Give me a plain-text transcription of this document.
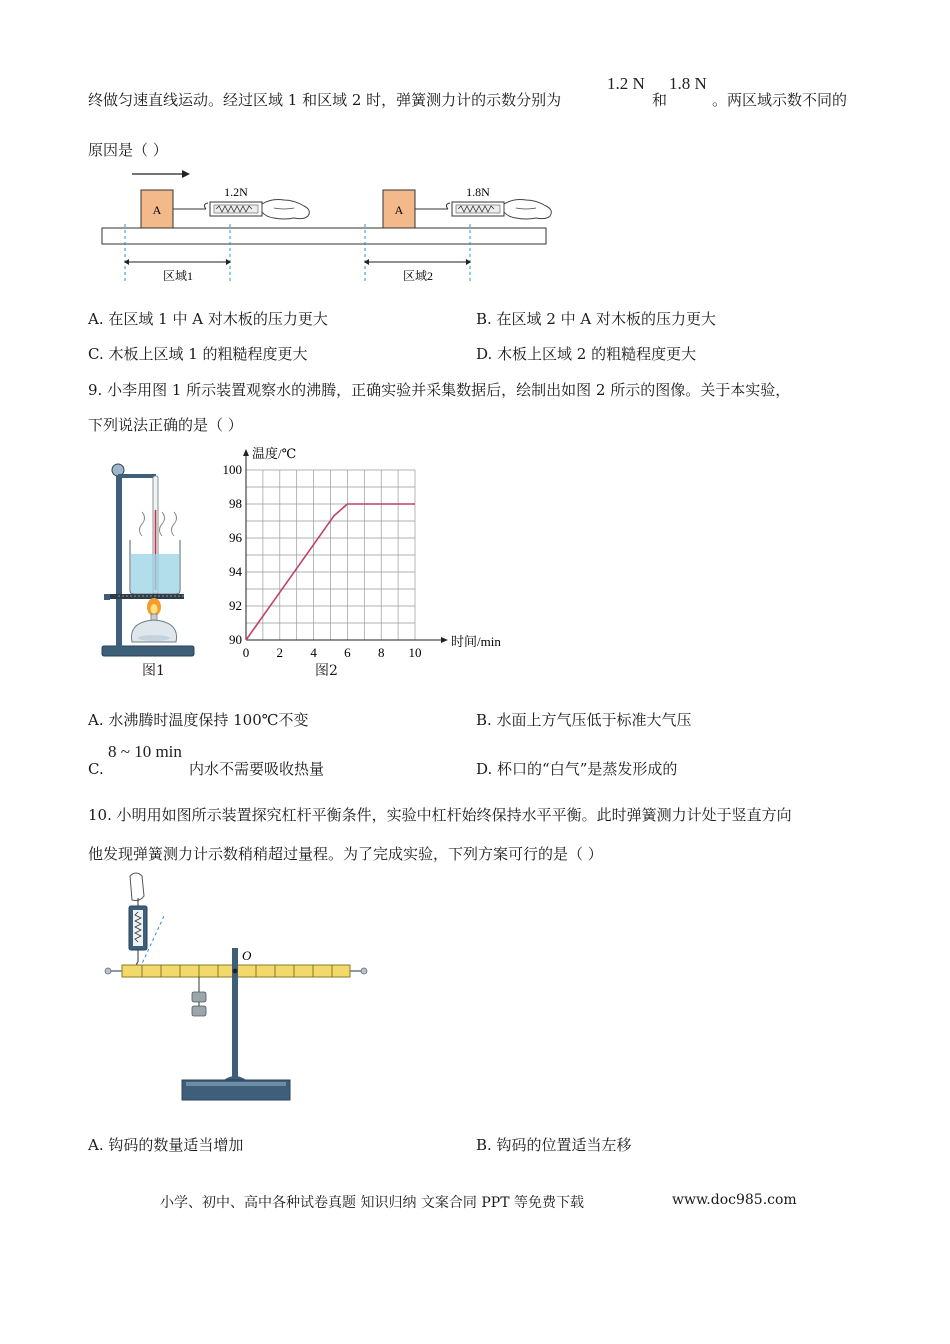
终做匀速直线运动。经过区域 1 和区域 2 时，弹簧测力计的示数分别为
1.2 N
和
1.8 N
。两区域示数不同的
原因是（ ）
A
1.2N
A
1.8N
区域1	区域2
A. 在区域 1 中 A 对木板的压力更大	B. 在区域 2 中 A 对木板的压力更大
C. 木板上区域 1 的粗糙程度更大	D. 木板上区域 2 的粗糙程度更大
9. 小李用图 1 所示装置观察水的沸腾，正确实验并采集数据后，绘制出如图 2 所示的图像。关于本实验，
下列说法正确的是（ ）
图1
时间/min
温度/℃
0 2 4 6 8 10
90
92
94
96
98
100
图2
A. 水沸腾时温度保持 100℃不变	B. 水面上方气压低于标准大气压
C.
8 ~ 10 min
内水不需要吸收热量	D. 杯口的“白气”是蒸发形成的
10. 小明用如图所示装置探究杠杆平衡条件，实验中杠杆始终保持水平平衡。此时弹簧测力计处于竖直方向
他发现弹簧测力计示数稍稍超过量程。为了完成实验，下列方案可行的是（ ）
O
A. 钩码的数量适当增加	B. 钩码的位置适当左移
小学、初中、高中各种试卷真题 知识归纳 文案合同 PPT 等免费下载	www.doc985.com
